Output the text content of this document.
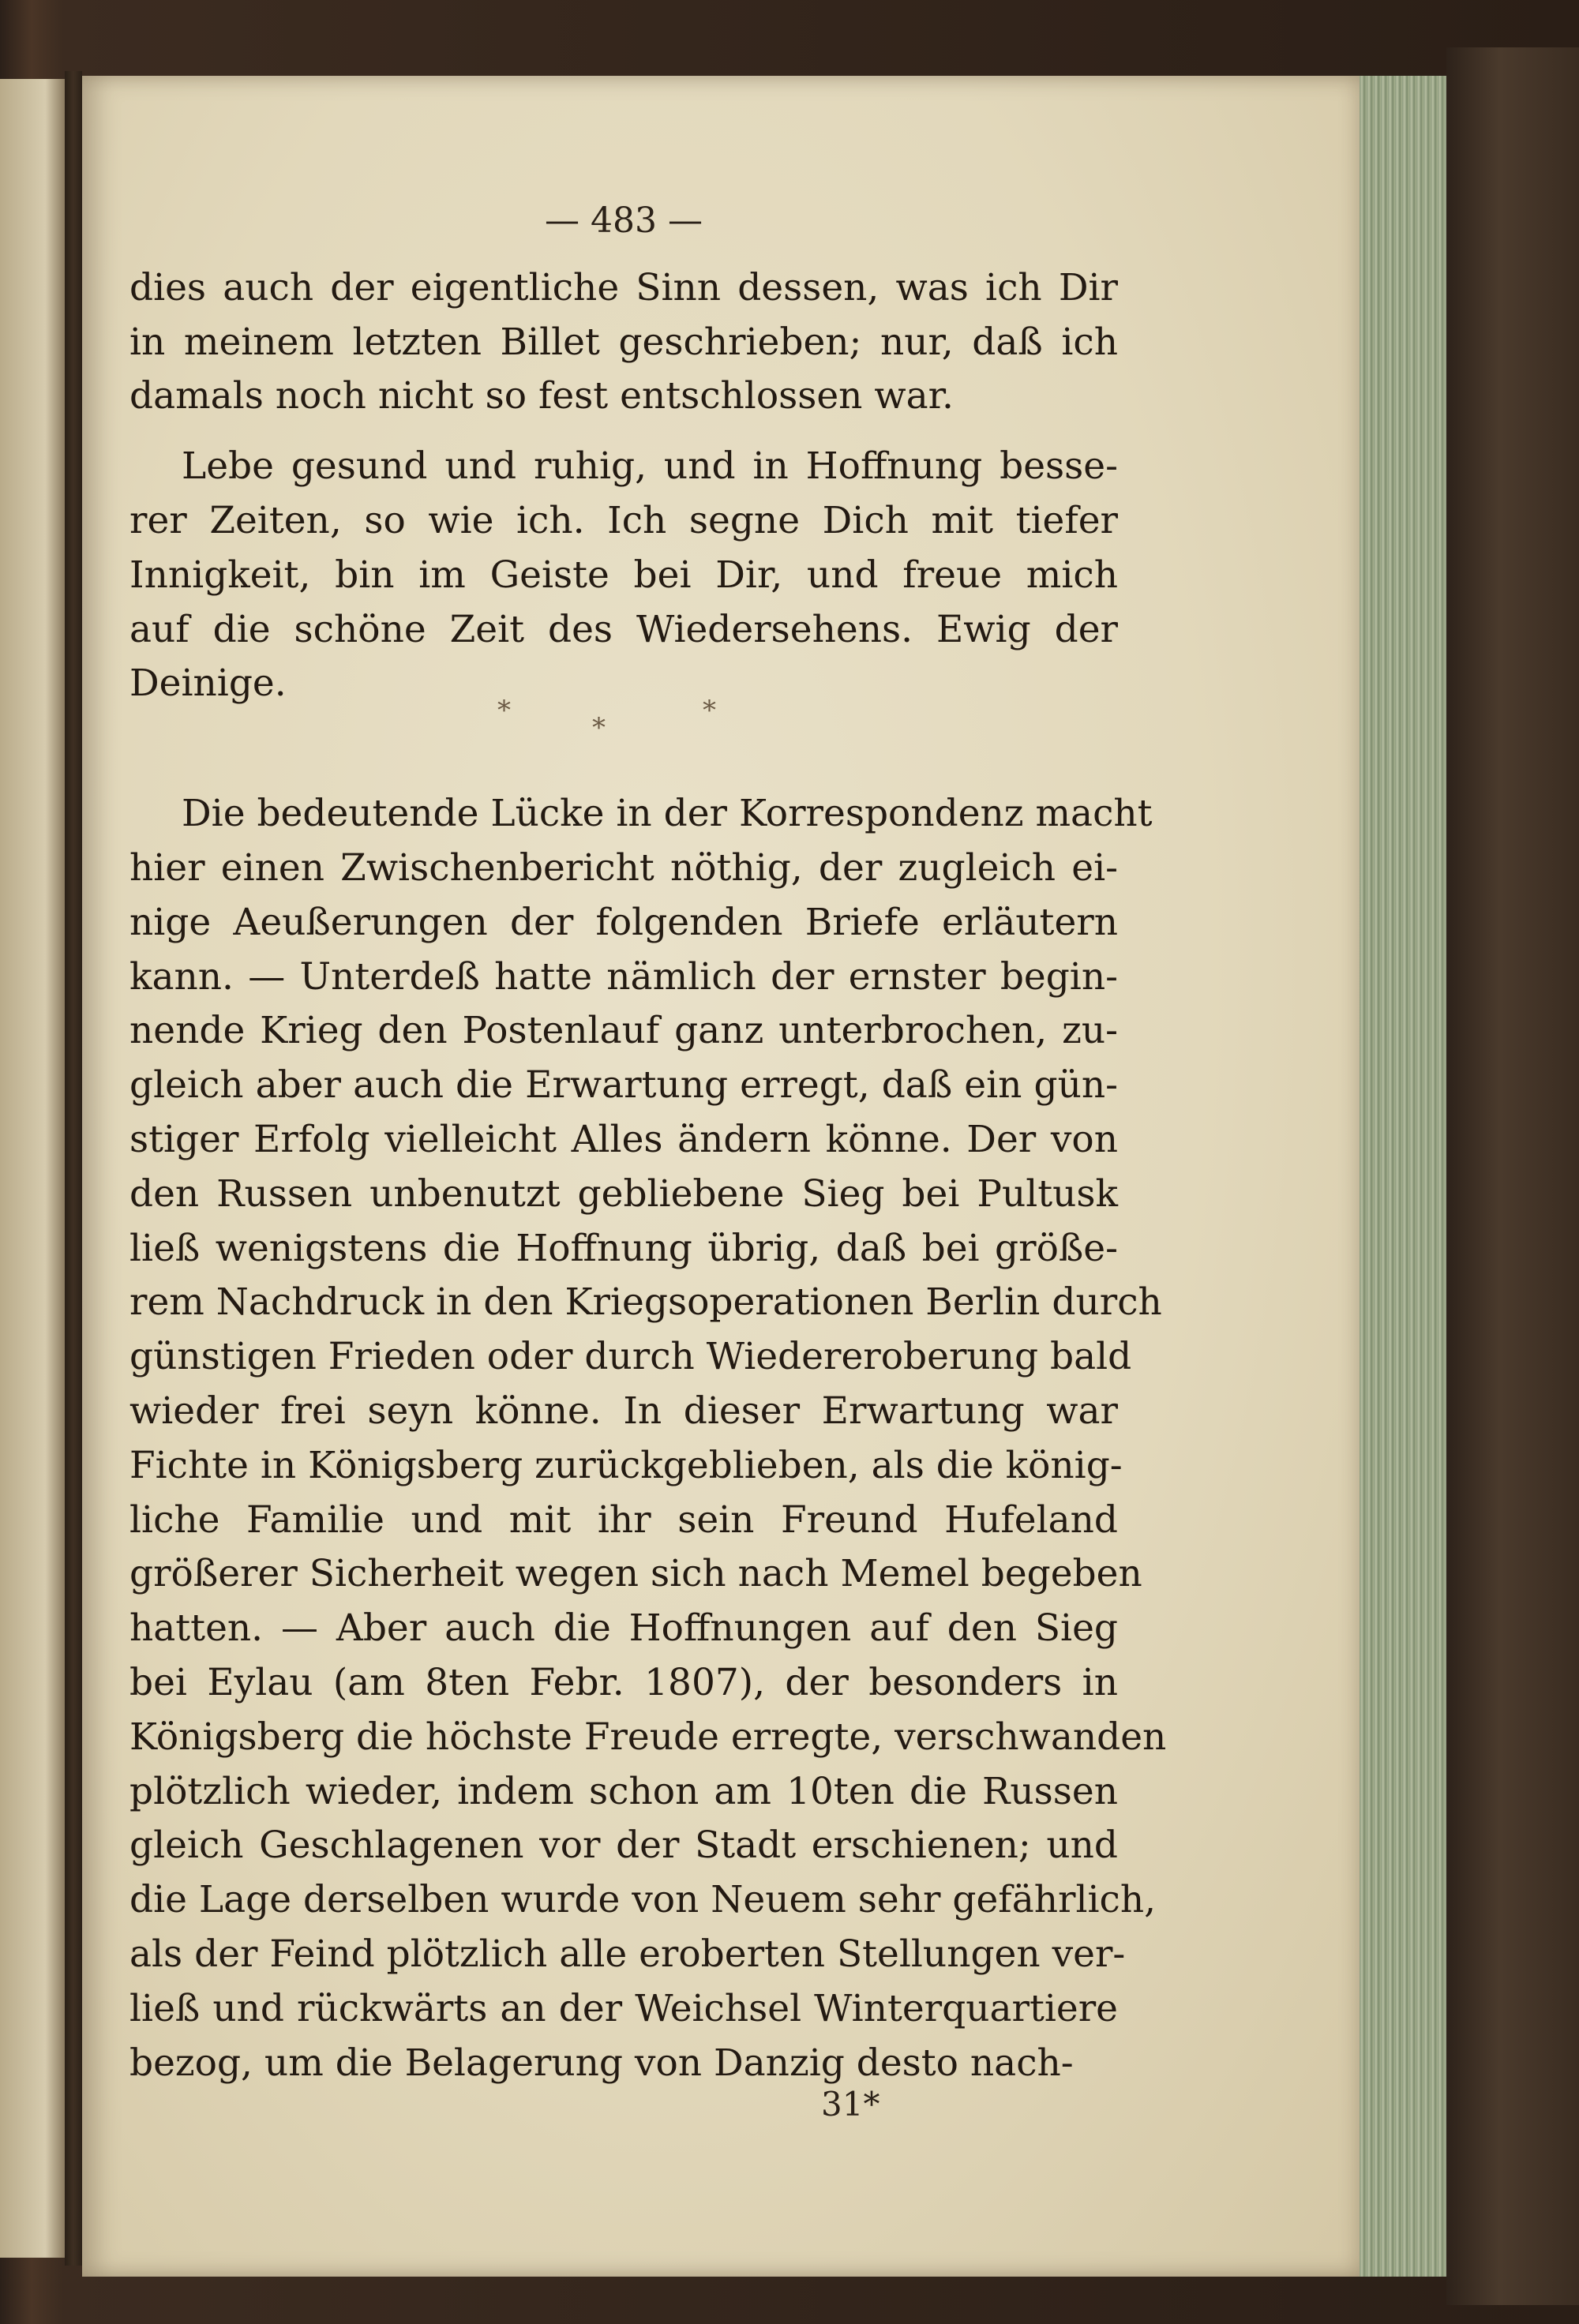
— 483 —
dies auch der eigentliche Sinn dessen, was ich Dir
in meinem letzten Billet geschrieben; nur, daß ich
damals noch nicht so fest entschlossen war.
Lebe gesund und ruhig, und in Hoffnung besse-
rer Zeiten, so wie ich. Ich segne Dich mit tiefer
Innigkeit, bin im Geiste bei Dir, und freue mich
auf die schöne Zeit des Wiedersehens. Ewig der
Deinige.
Die bedeutende Lücke in der Korrespondenz macht
hier einen Zwischenbericht nöthig, der zugleich ei-
nige Aeußerungen der folgenden Briefe erläutern
kann. — Unterdeß hatte nämlich der ernster begin-
nende Krieg den Postenlauf ganz unterbrochen, zu-
gleich aber auch die Erwartung erregt, daß ein gün-
stiger Erfolg vielleicht Alles ändern könne. Der von
den Russen unbenutzt gebliebene Sieg bei Pultusk
ließ wenigstens die Hoffnung übrig, daß bei größe-
rem Nachdruck in den Kriegsoperationen Berlin durch
günstigen Frieden oder durch Wiedereroberung bald
wieder frei seyn könne. In dieser Erwartung war
Fichte in Königsberg zurückgeblieben, als die könig-
liche Familie und mit ihr sein Freund Hufeland
größerer Sicherheit wegen sich nach Memel begeben
hatten. — Aber auch die Hoffnungen auf den Sieg
bei Eylau (am 8ten Febr. 1807), der besonders in
Königsberg die höchste Freude erregte, verschwanden
plötzlich wieder, indem schon am 10ten die Russen
gleich Geschlagenen vor der Stadt erschienen; und
die Lage derselben wurde von Neuem sehr gefährlich,
als der Feind plötzlich alle eroberten Stellungen ver-
ließ und rückwärts an der Weichsel Winterquartiere
bezog, um die Belagerung von Danzig desto nach-
*
*
*
31*
